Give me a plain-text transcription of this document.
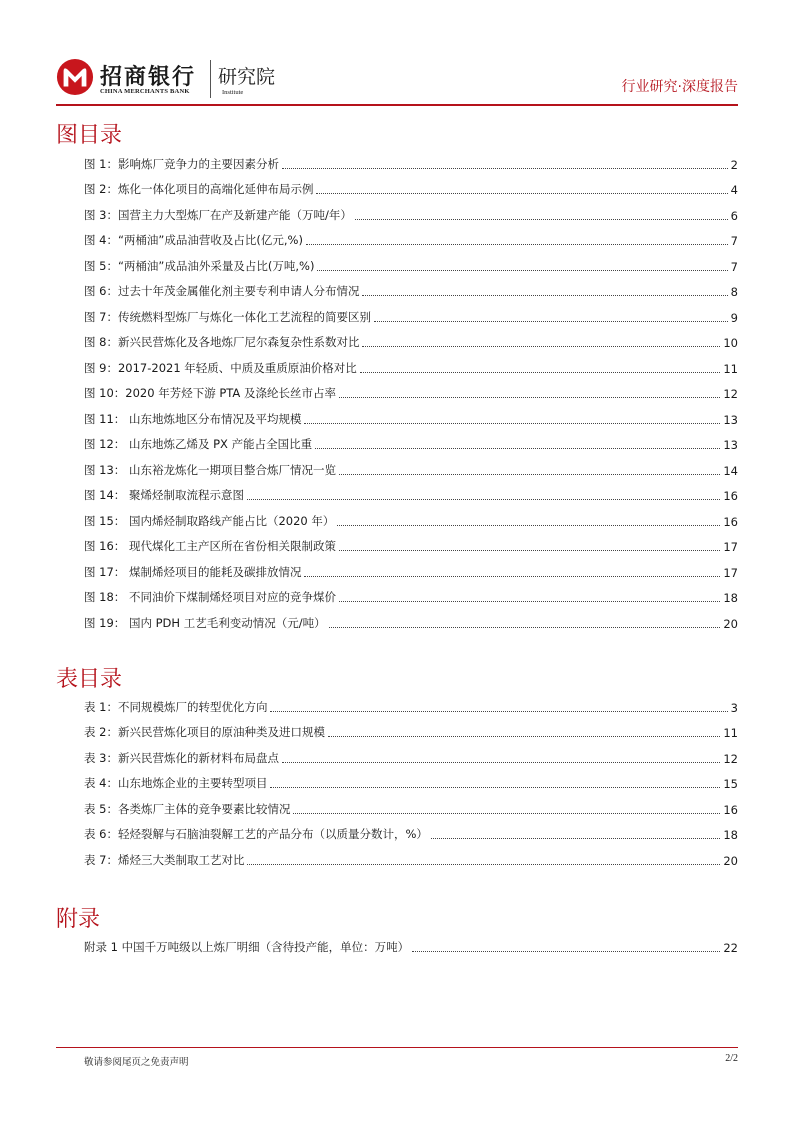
招商银行
CHINA MERCHANTS BANK
研究院
Institute	行业研究·深度报告
图目录
图 1：影响炼厂竞争力的主要因素分析	2
图 2：炼化一体化项目的高端化延伸布局示例	4
图 3：国营主力大型炼厂在产及新建产能（万吨/年）	6
图 4：“两桶油”成品油营收及占比(亿元,%)	7
图 5：“两桶油”成品油外采量及占比(万吨,%)	7
图 6：过去十年茂金属催化剂主要专利申请人分布情况	8
图 7：传统燃料型炼厂与炼化一体化工艺流程的简要区别	9
图 8：新兴民营炼化及各地炼厂尼尔森复杂性系数对比	10
图 9：2017-2021 年轻质、中质及重质原油价格对比	11
图 10：2020 年芳烃下游 PTA 及涤纶长丝市占率	12
图 11： 山东地炼地区分布情况及平均规模	13
图 12： 山东地炼乙烯及 PX 产能占全国比重	13
图 13： 山东裕龙炼化一期项目整合炼厂情况一览	14
图 14： 聚烯烃制取流程示意图	16
图 15： 国内烯烃制取路线产能占比（2020 年）	16
图 16： 现代煤化工主产区所在省份相关限制政策	17
图 17： 煤制烯烃项目的能耗及碳排放情况	17
图 18： 不同油价下煤制烯烃项目对应的竞争煤价	18
图 19： 国内 PDH 工艺毛利变动情况（元/吨）	20
表目录
表 1：不同规模炼厂的转型优化方向	3
表 2：新兴民营炼化项目的原油种类及进口规模	11
表 3：新兴民营炼化的新材料布局盘点	12
表 4：山东地炼企业的主要转型项目	15
表 5：各类炼厂主体的竞争要素比较情况	16
表 6：轻烃裂解与石脑油裂解工艺的产品分布（以质量分数计，%）	18
表 7：烯烃三大类制取工艺对比	20
附录
附录 1 中国千万吨级以上炼厂明细（含待投产能，单位：万吨）	22
敬请参阅尾页之免责声明	2/2
